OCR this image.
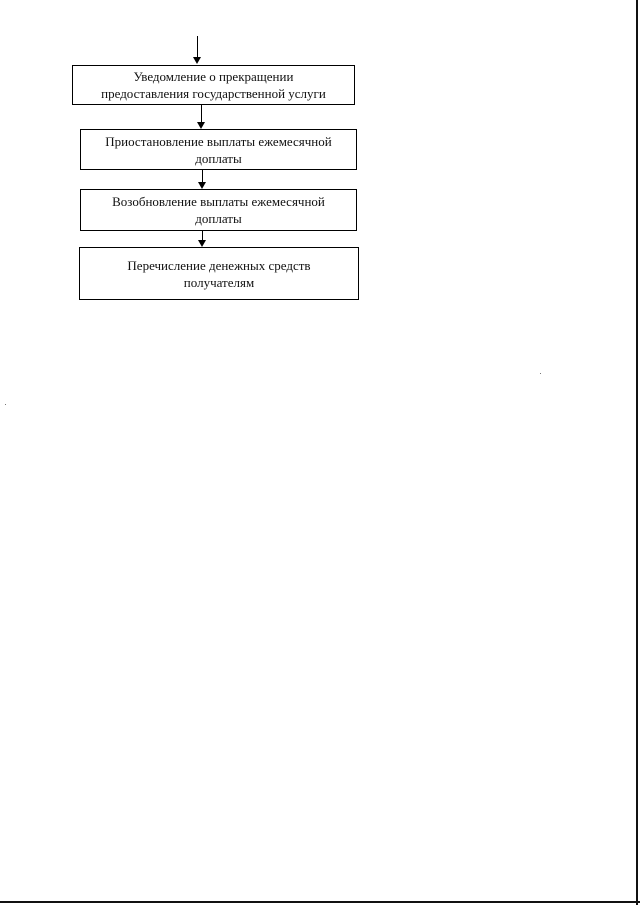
Уведомление о прекращении
предоставления государственной услуги
Приостановление выплаты ежемесячной
доплаты
Возобновление выплаты ежемесячной
доплаты
Перечисление денежных средств
получателям
